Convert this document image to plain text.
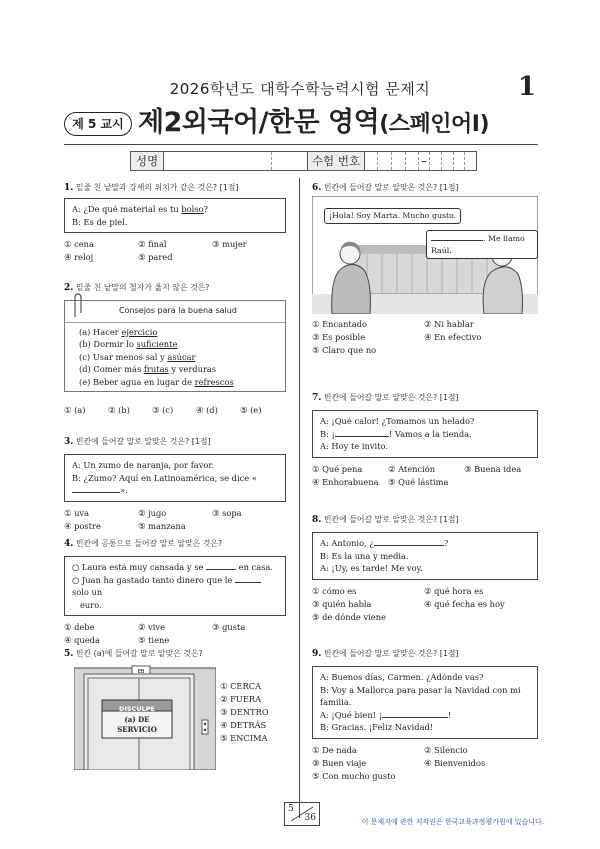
2026학년도 대학수학능력시험 문제지	1
제 5 교시 제2외국어/한문 영역(스페인어Ⅰ)
성명	수험 번호	–
1. 밑줄 친 낱말과 강세의 위치가 같은 것은? [1점]
A: ¿De qué material es tu bolso?
B: Es de piel.
① cena	② final	③ mujer
④ reloj	⑤ pared
2. 밑줄 친 낱말의 철자가 옳지 않은 것은?
Consejos para la buena salud
(a) Hacer ejercicio
(b) Dormir lo suficiente
(c) Usar menos sal y asúcar
(d) Comer más frutas y verduras
(e) Beber agua en lugar de refrescos
① (a)	② (b)	③ (c)	④ (d)	⑤ (e)
3. 빈칸에 들어갈 말로 알맞은 것은? [1점]
A: Un zumo de naranja, por favor.
B: ¿Zumo? Aquí en Latinoamérica, se dice «».
① uva	② jugo	③ sopa
④ postre	⑤ manzana
4. 빈칸에 공통으로 들어갈 말로 알맞은 것은?
○ Laura está muy cansada y se	en casa.
○ Juan ha gastado tanto dinero que le  solo un
euro.
① debe	② vive	③ gusta
④ queda	⑤ tiene
5. 빈칸 (a)에 들어갈 말로 알맞은 것은?
EB
DISCULPE
(a) DE
SERVICIO
① CERCA
② FUERA
③ DENTRO
④ DETRÁS
⑤ ENCIMA
6. 빈칸에 들어갈 말로 알맞은 것은? [1점]
¡Hola! Soy Marta. Mucho gusto.
. Me llamo Raúl.
① Encantado	② Ni hablar
③ Es posible	④ En efectivo
⑤ Claro que no
7. 빈칸에 들어갈 말로 알맞은 것은? [1점]
A: ¡Qué calor! ¿Tomamos un helado?
B: ¡	! Vamos a la tienda.
A: Hoy te invito.
① Qué pena	② Atención	③ Buena idea
④ Enhorabuena	⑤ Qué lástima
8. 빈칸에 들어갈 말로 알맞은 것은? [1점]
A: Antonio, ¿	?
B: Es la una y media.
A: ¡Uy, es tarde! Me voy.
① cómo es	② qué hora es
③ quién habla	④ qué fecha es hoy
⑤ de dónde viene
9. 빈칸에 들어갈 말로 알맞은 것은? [1점]
A: Buenos días, Carmen. ¿Adónde vas?
B: Voy a Mallorca para pasar la Navidad con mi familia.
A: ¡Qué bien! ¡	!
B: Gracias. ¡Feliz Navidad!
① De nada	② Silencio
③ Buen viaje	④ Bienvenidos
⑤ Con mucho gusto
5
36	이 문제지에 관한 저작권은 한국교육과정평가원에 있습니다.
